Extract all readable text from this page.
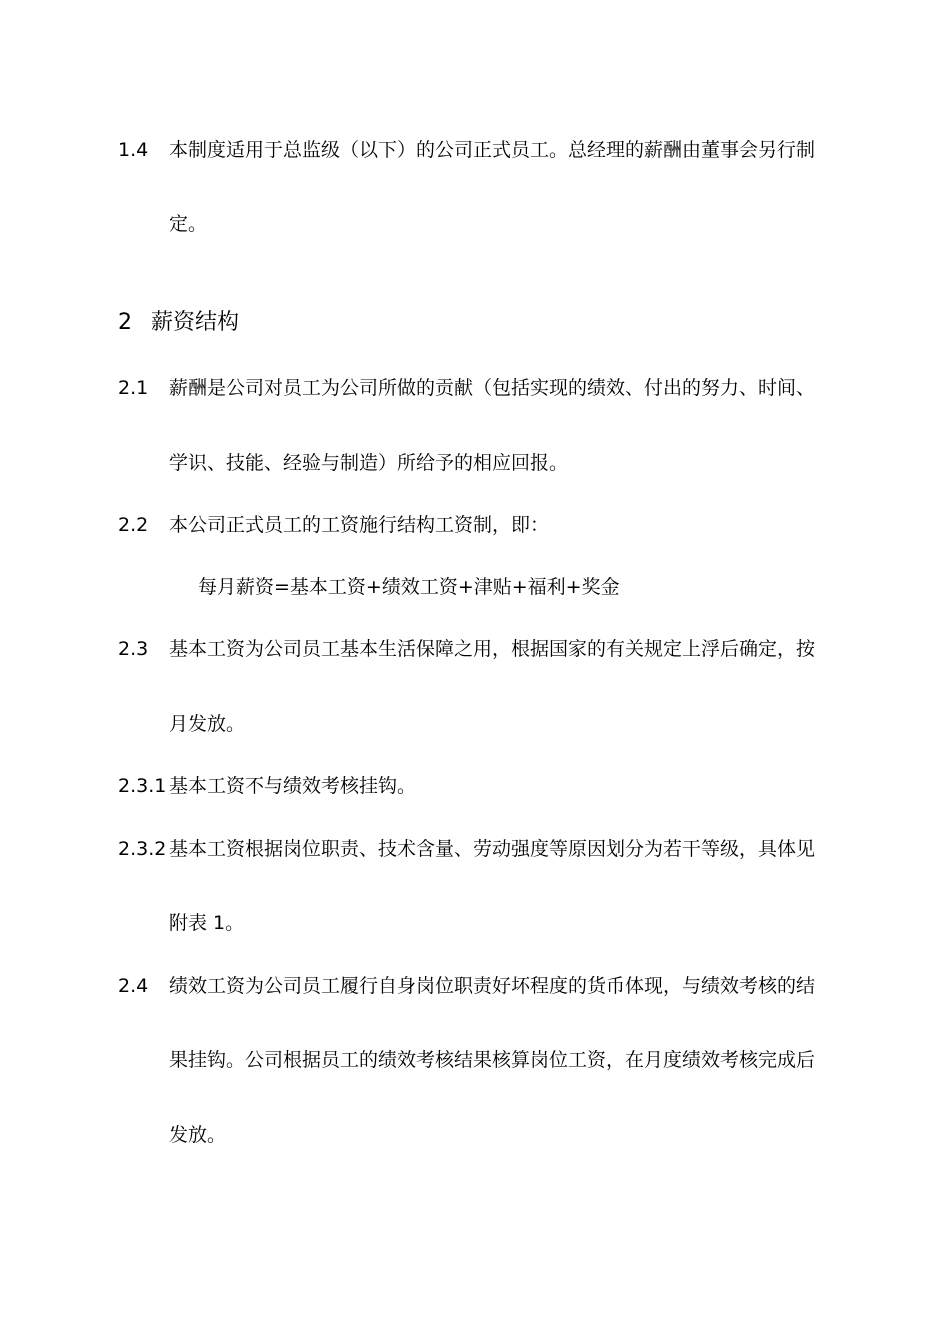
1.4 本制度适用于总监级（以下）的公司正式员工。总经理的薪酬由董事会另行制
定。
2 薪资结构
2.1 薪酬是公司对员工为公司所做的贡献（包括实现的绩效、付出的努力、时间、
学识、技能、经验与制造）所给予的相应回报。
2.2 本公司正式员工的工资施行结构工资制，即：
每月薪资=基本工资+绩效工资+津贴+福利+奖金
2.3 基本工资为公司员工基本生活保障之用，根据国家的有关规定上浮后确定，按
月发放。
2.3.1 基本工资不与绩效考核挂钩。
2.3.2 基本工资根据岗位职责、技术含量、劳动强度等原因划分为若干等级，具体见
附表 1。
2.4 绩效工资为公司员工履行自身岗位职责好坏程度的货币体现，与绩效考核的结
果挂钩。公司根据员工的绩效考核结果核算岗位工资，在月度绩效考核完成后
发放。
